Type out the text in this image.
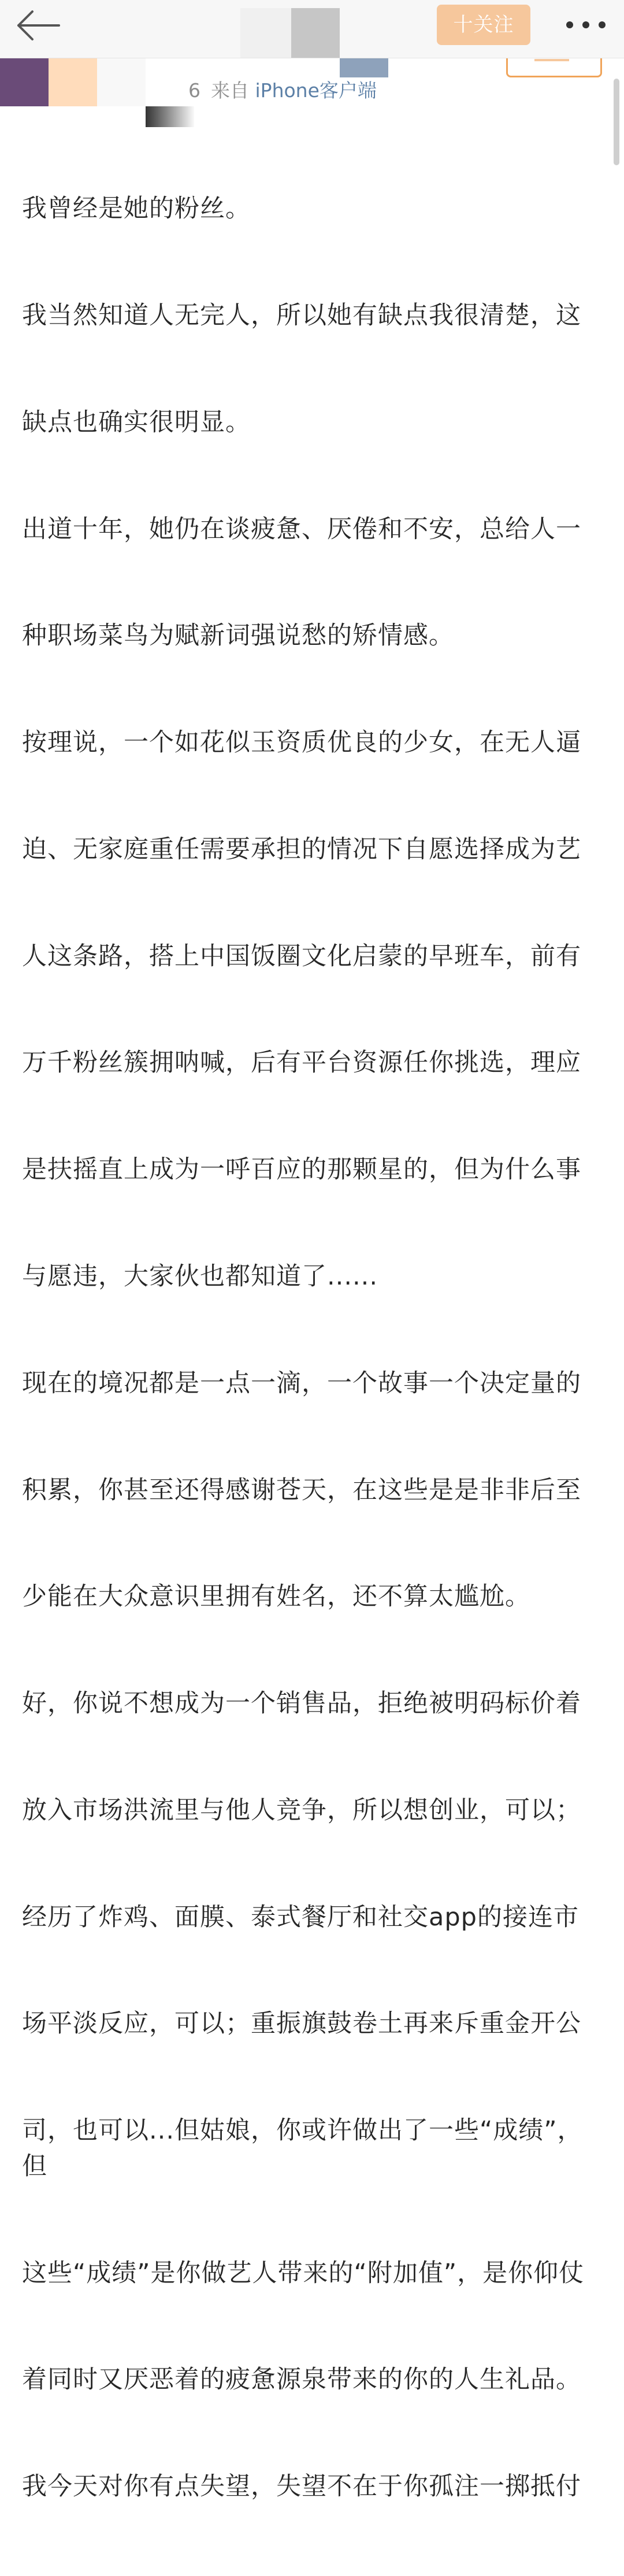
十关注
6 来自 iPhone客户端

我曾经是她的粉丝。

我当然知道人无完人，所以她有缺点我很清楚，这

缺点也确实很明显。

出道十年，她仍在谈疲惫、厌倦和不安，总给人一

种职场菜鸟为赋新词强说愁的矫情感。

按理说，一个如花似玉资质优良的少女，在无人逼

迫、无家庭重任需要承担的情况下自愿选择成为艺

人这条路，搭上中国饭圈文化启蒙的早班车，前有

万千粉丝簇拥呐喊，后有平台资源任你挑选，理应

是扶摇直上成为一呼百应的那颗星的，但为什么事

与愿违，大家伙也都知道了......

现在的境况都是一点一滴，一个故事一个决定量的

积累，你甚至还得感谢苍天，在这些是是非非后至

少能在大众意识里拥有姓名，还不算太尴尬。

好，你说不想成为一个销售品，拒绝被明码标价着

放入市场洪流里与他人竞争，所以想创业，可以；

经历了炸鸡、面膜、泰式餐厅和社交app的接连市

场平淡反应，可以；重振旗鼓卷土再来斥重金开公

司，也可以...但姑娘，你或许做出了一些“成绩”，但

这些“成绩”是你做艺人带来的“附加值”，是你仰仗

着同时又厌恶着的疲惫源泉带来的你的人生礼品。

我今天对你有点失望，失望不在于你孤注一掷抵付
